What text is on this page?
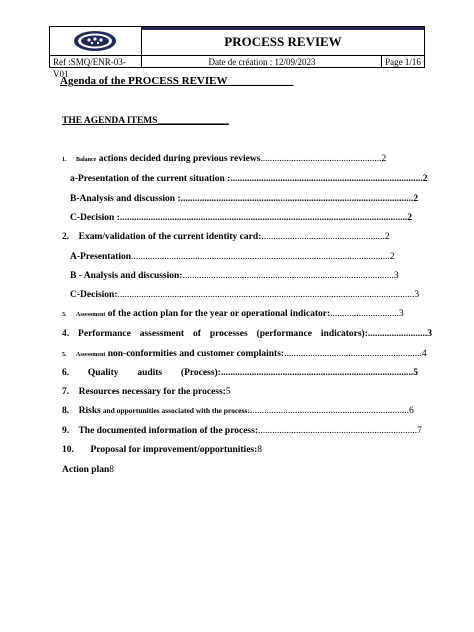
PROCESS REVIEW
Ref :SMQ/ENR-03-V01
Date de création : 12/09/2023	Page 1/16
Agenda of the PROCESS REVIEW____________
THE AGENDA ITEMS_______________
1. Balance actions decided during previous reviews...................................................2
a-Presentation of the current situation :.................................................................................2
B-Analysis and discussion :..................................................................................................2
C-Decision :.........................................................................................................................2
2. Exam/validation of the current identity card:....................................................2
A-Presentation.............................................................................................................2
B - Analysis and discussion:.........................................................................................3
C-Decision:.............................................................................................................................3
3. Assessment of the action plan for the year or operational indicator:.............................3
4. Performance assessment of processes (performance indicators):.........................3
5. Assessment non-conformities and customer complaints:..........................................................4
6. Quality audits (Process):.................................................................................5
7. Resources necessary for the process:5
8. Risks and opportunities associated with the process:...................................................................6
9. The documented information of the process:...................................................................7
10. Proposal for improvement/opportunities:8
Action plan8
